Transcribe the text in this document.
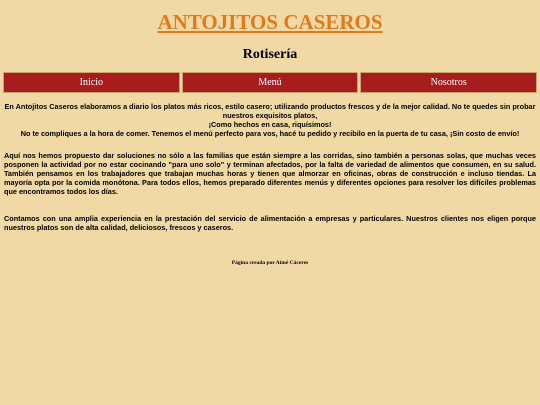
ANTOJITOS CASEROS
Rotisería
Inicio	Menú	Nosotros
En Antojitos Caseros elaboramos a diario los platos más ricos, estilo casero; utilizando productos frescos y de la mejor calidad. No te quedes sin probar nuestros exquisitos platos,
¡Como hechos en casa, riquísimos!
No te compliques a la hora de comer. Tenemos el menú perfecto para vos, hacé tu pedido y recibilo en la puerta de tu casa, ¡Sin costo de envío!

Aquí nos hemos propuesto dar soluciones no sólo a las familias que están siempre a las corridas, sino también a personas solas, que muchas veces posponen la actividad por no estar cocinando "para uno solo" y terminan afectados, por la falta de variedad de alimentos que consumen, en su salud. También pensamos en los trabajadores que trabajan muchas horas y tienen que almorzar en oficinas, obras de construcción e incluso tiendas. La mayoría opta por la comida monótona. Para todos ellos, hemos preparado diferentes menús y diferentes opciones para resolver los difíciles problemas que encontramos todos los días.

Contamos con una amplia experiencia en la prestación del servicio de alimentación a empresas y particulares. Nuestros clientes nos eligen porque nuestros platos son de alta calidad, deliciosos, frescos y caseros.

Página creada por Aimé Cáceres
